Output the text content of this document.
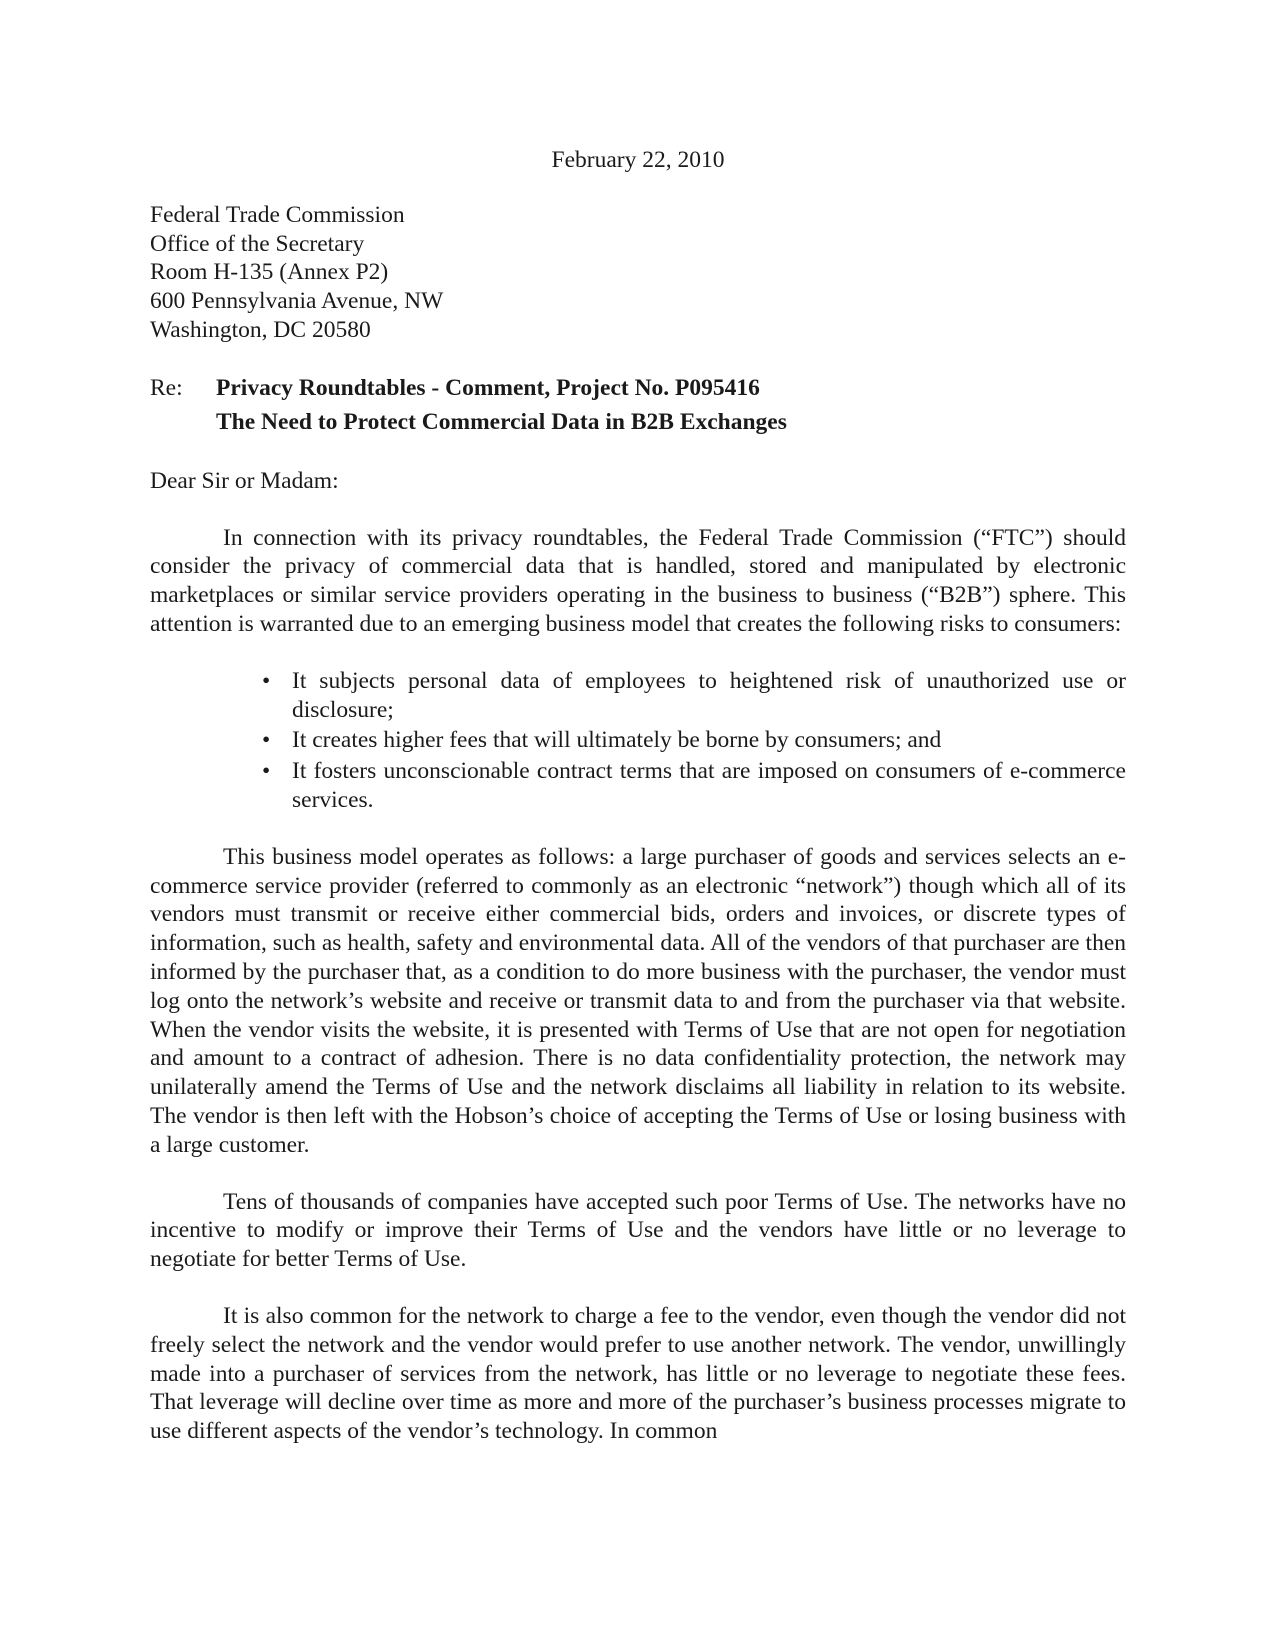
February 22, 2010
Federal Trade Commission
Office of the Secretary
Room H-135 (Annex P2)
600 Pennsylvania Avenue, NW
Washington, DC 20580
Re:	Privacy Roundtables - Comment, Project No. P095416
The Need to Protect Commercial Data in B2B Exchanges
Dear Sir or Madam:

In connection with its privacy roundtables, the Federal Trade Commission (“FTC”) should consider the privacy of commercial data that is handled, stored and manipulated by electronic marketplaces or similar service providers operating in the business to business (“B2B”) sphere. This attention is warranted due to an emerging business model that creates the following risks to consumers:

• It subjects personal data of employees to heightened risk of unauthorized use or disclosure;
• It creates higher fees that will ultimately be borne by consumers; and
• It fosters unconscionable contract terms that are imposed on consumers of e-commerce services.

This business model operates as follows: a large purchaser of goods and services selects an e-commerce service provider (referred to commonly as an electronic “network”) though which all of its vendors must transmit or receive either commercial bids, orders and invoices, or discrete types of information, such as health, safety and environmental data. All of the vendors of that purchaser are then informed by the purchaser that, as a condition to do more business with the purchaser, the vendor must log onto the network’s website and receive or transmit data to and from the purchaser via that website. When the vendor visits the website, it is presented with Terms of Use that are not open for negotiation and amount to a contract of adhesion. There is no data confidentiality protection, the network may unilaterally amend the Terms of Use and the network disclaims all liability in relation to its website. The vendor is then left with the Hobson’s choice of accepting the Terms of Use or losing business with a large customer.

Tens of thousands of companies have accepted such poor Terms of Use. The networks have no incentive to modify or improve their Terms of Use and the vendors have little or no leverage to negotiate for better Terms of Use.

It is also common for the network to charge a fee to the vendor, even though the vendor did not freely select the network and the vendor would prefer to use another network. The vendor, unwillingly made into a purchaser of services from the network, has little or no leverage to negotiate these fees. That leverage will decline over time as more and more of the purchaser’s business processes migrate to use different aspects of the vendor’s technology. In common
